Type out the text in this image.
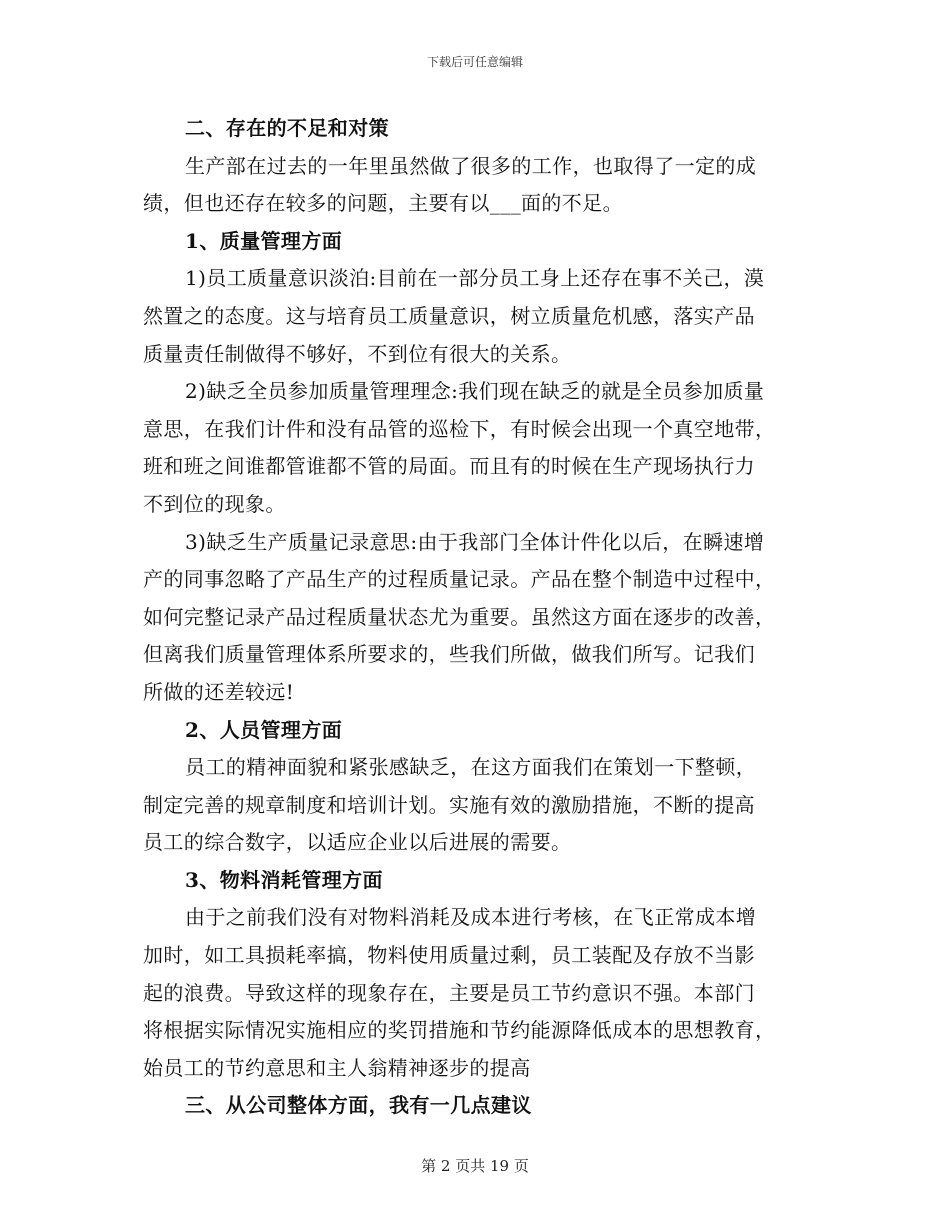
下载后可任意编辑
二、存在的不足和对策
生产部在过去的一年里虽然做了很多的工作，也取得了一定的成
绩，但也还存在较多的问题，主要有以___面的不足。
1、质量管理方面
1)员工质量意识淡泊:目前在一部分员工身上还存在事不关己，漠
然置之的态度。这与培育员工质量意识，树立质量危机感，落实产品
质量责任制做得不够好，不到位有很大的关系。
2)缺乏全员参加质量管理理念:我们现在缺乏的就是全员参加质量
意思，在我们计件和没有品管的巡检下，有时候会出现一个真空地带，
班和班之间谁都管谁都不管的局面。而且有的时候在生产现场执行力
不到位的现象。
3)缺乏生产质量记录意思:由于我部门全体计件化以后，在瞬速增
产的同事忽略了产品生产的过程质量记录。产品在整个制造中过程中，
如何完整记录产品过程质量状态尤为重要。虽然这方面在逐步的改善，
但离我们质量管理体系所要求的，些我们所做，做我们所写。记我们
所做的还差较远!
2、人员管理方面
员工的精神面貌和紧张感缺乏，在这方面我们在策划一下整顿，
制定完善的规章制度和培训计划。实施有效的激励措施，不断的提高
员工的综合数字，以适应企业以后进展的需要。
3、物料消耗管理方面
由于之前我们没有对物料消耗及成本进行考核，在飞正常成本增
加时，如工具损耗率搞，物料使用质量过剩，员工装配及存放不当影
起的浪费。导致这样的现象存在，主要是员工节约意识不强。本部门
将根据实际情况实施相应的奖罚措施和节约能源降低成本的思想教育，
始员工的节约意思和主人翁精神逐步的提高
三、从公司整体方面，我有一几点建议
第 2 页共 19 页
